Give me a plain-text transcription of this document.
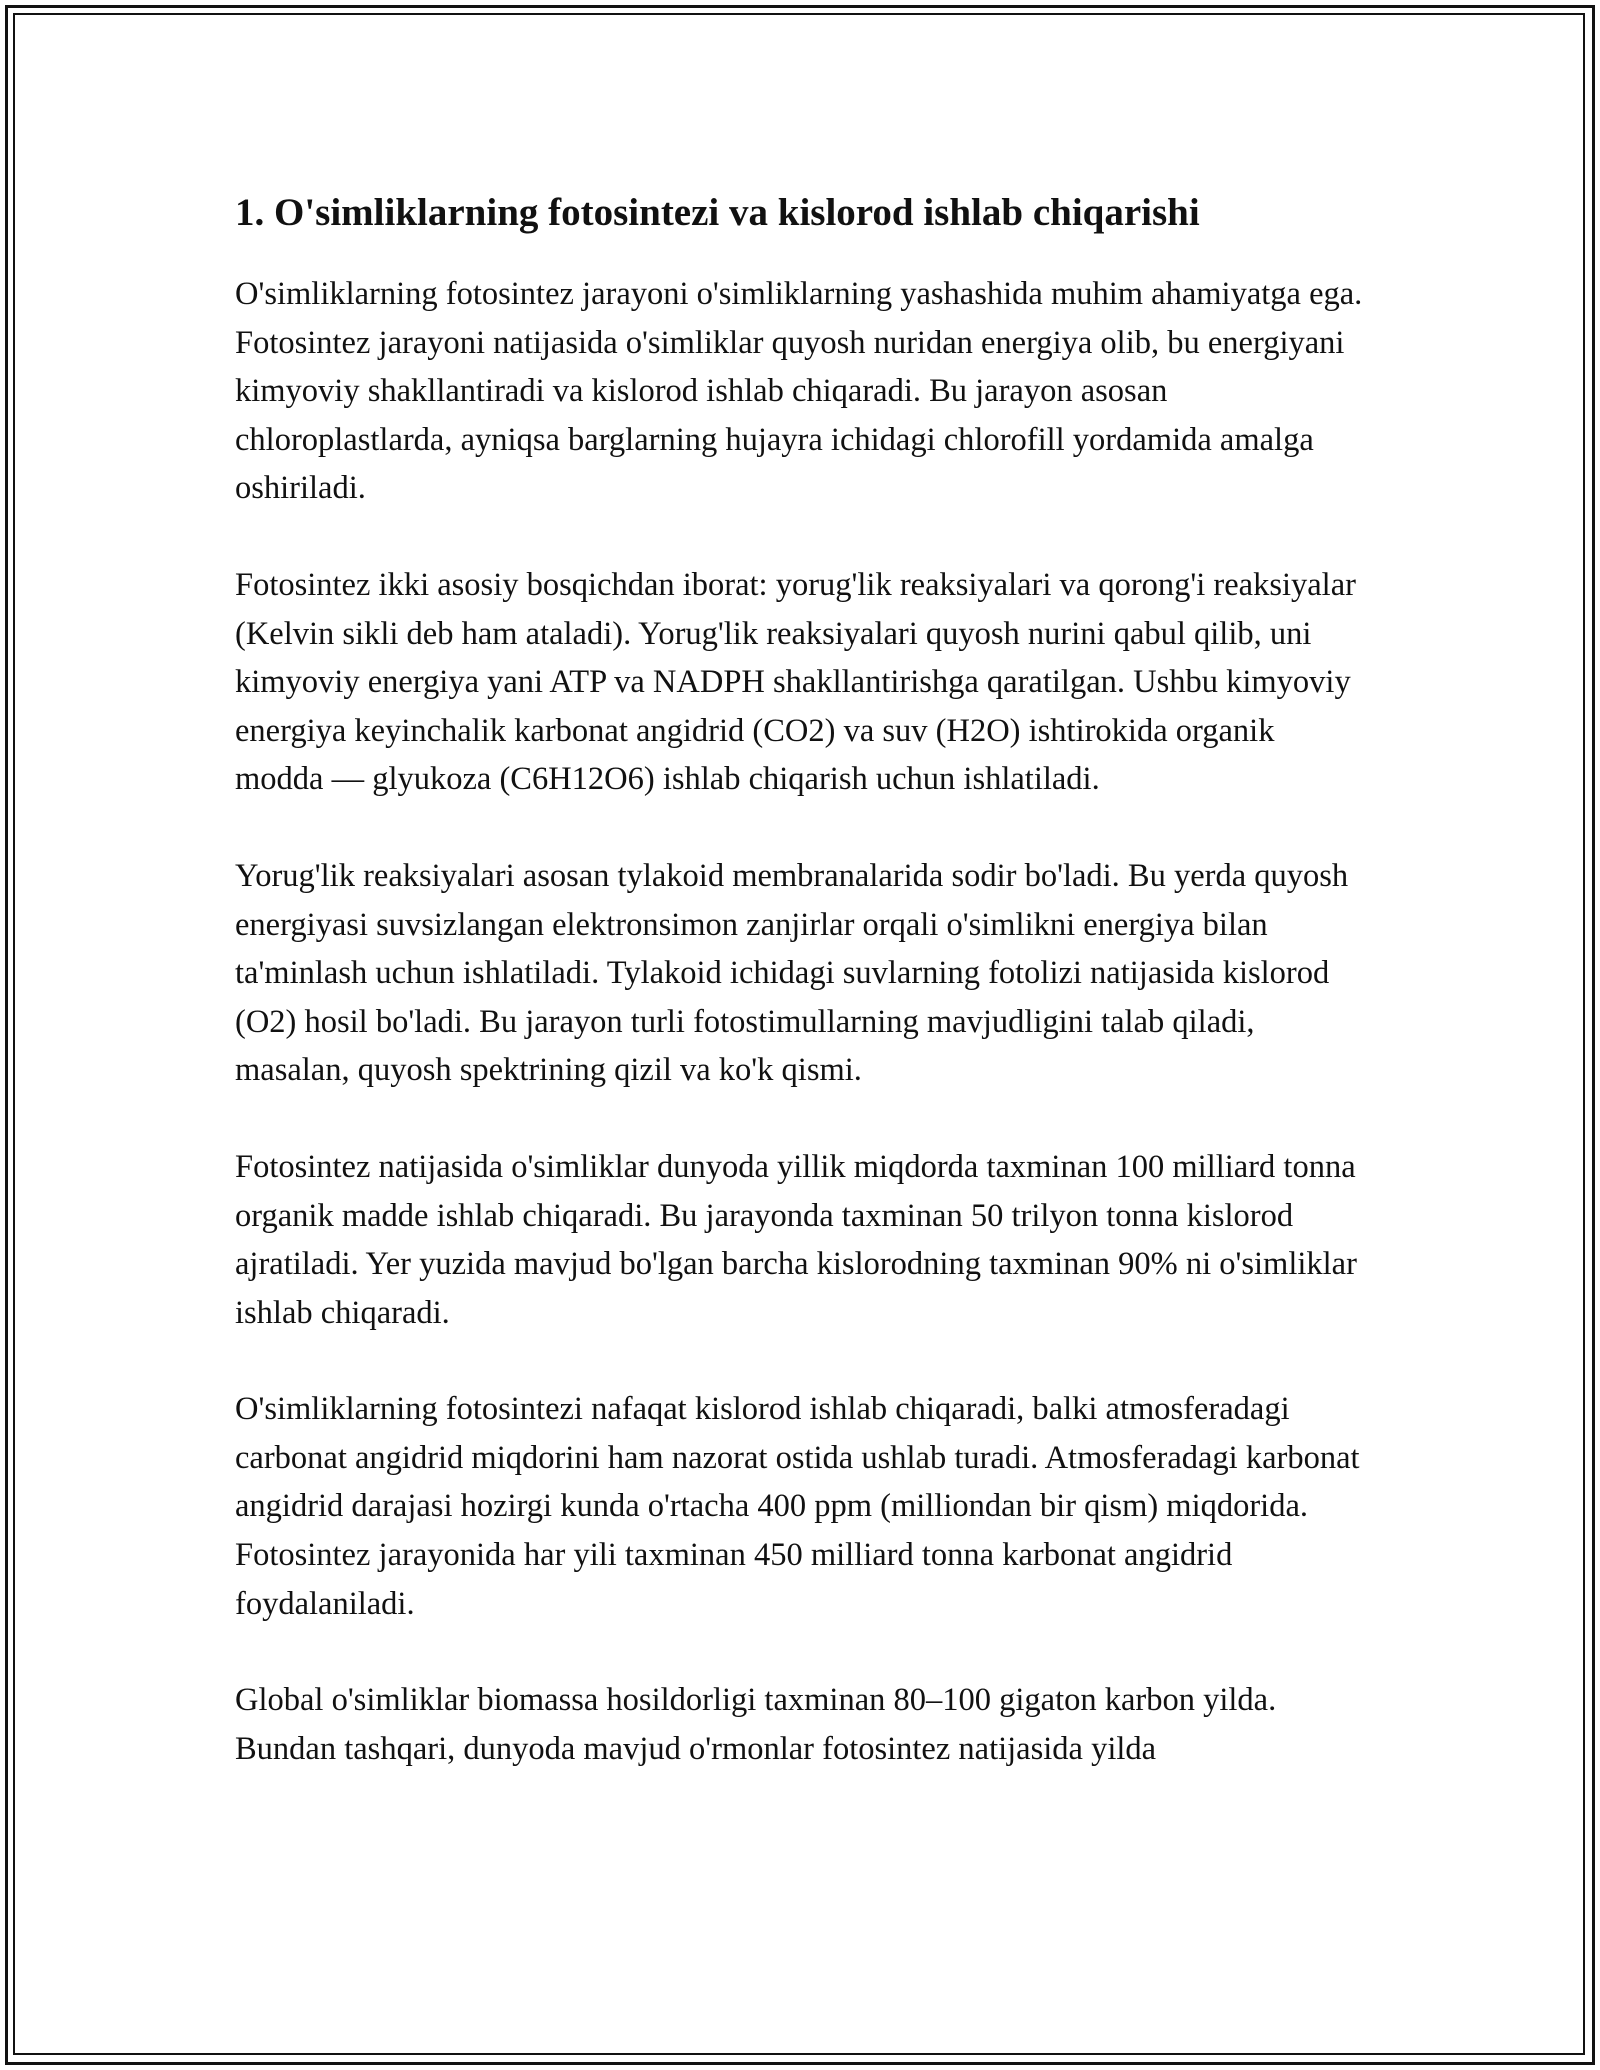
1. O'simliklarning fotosintezi va kislorod ishlab chiqarishi

O'simliklarning fotosintez jarayoni o'simliklarning yashashida muhim ahamiyatga ega. Fotosintez jarayoni natijasida o'simliklar quyosh nuridan energiya olib, bu energiyani kimyoviy shakllantiradi va kislorod ishlab chiqaradi. Bu jarayon asosan chloroplastlarda, ayniqsa barglarning hujayra ichidagi chlorofill yordamida amalga oshiriladi.

Fotosintez ikki asosiy bosqichdan iborat: yorug'lik reaksiyalari va qorong'i reaksiyalar (Kelvin sikli deb ham ataladi). Yorug'lik reaksiyalari quyosh nurini qabul qilib, uni kimyoviy energiya yani ATP va NADPH shakllantirishga qaratilgan. Ushbu kimyoviy energiya keyinchalik karbonat angidrid (CO2) va suv (H2O) ishtirokida organik modda — glyukoza (C6H12O6) ishlab chiqarish uchun ishlatiladi.

Yorug'lik reaksiyalari asosan tylakoid membranalarida sodir bo'ladi. Bu yerda quyosh energiyasi suvsizlangan elektronsimon zanjirlar orqali o'simlikni energiya bilan ta'minlash uchun ishlatiladi. Tylakoid ichidagi suvlarning fotolizi natijasida kislorod (O2) hosil bo'ladi. Bu jarayon turli fotostimullarning mavjudligini talab qiladi, masalan, quyosh spektrining qizil va ko'k qismi.

Fotosintez natijasida o'simliklar dunyoda yillik miqdorda taxminan 100 milliard tonna organik madde ishlab chiqaradi. Bu jarayonda taxminan 50 trilyon tonna kislorod ajratiladi. Yer yuzida mavjud bo'lgan barcha kislorodning taxminan 90% ni o'simliklar ishlab chiqaradi.

O'simliklarning fotosintezi nafaqat kislorod ishlab chiqaradi, balki atmosferadagi carbonat angidrid miqdorini ham nazorat ostida ushlab turadi. Atmosferadagi karbonat angidrid darajasi hozirgi kunda o'rtacha 400 ppm (milliondan bir qism) miqdorida. Fotosintez jarayonida har yili taxminan 450 milliard tonna karbonat angidrid foydalaniladi.

Global o'simliklar biomassa hosildorligi taxminan 80–100 gigaton karbon yilda. Bundan tashqari, dunyoda mavjud o'rmonlar fotosintez natijasida yilda
